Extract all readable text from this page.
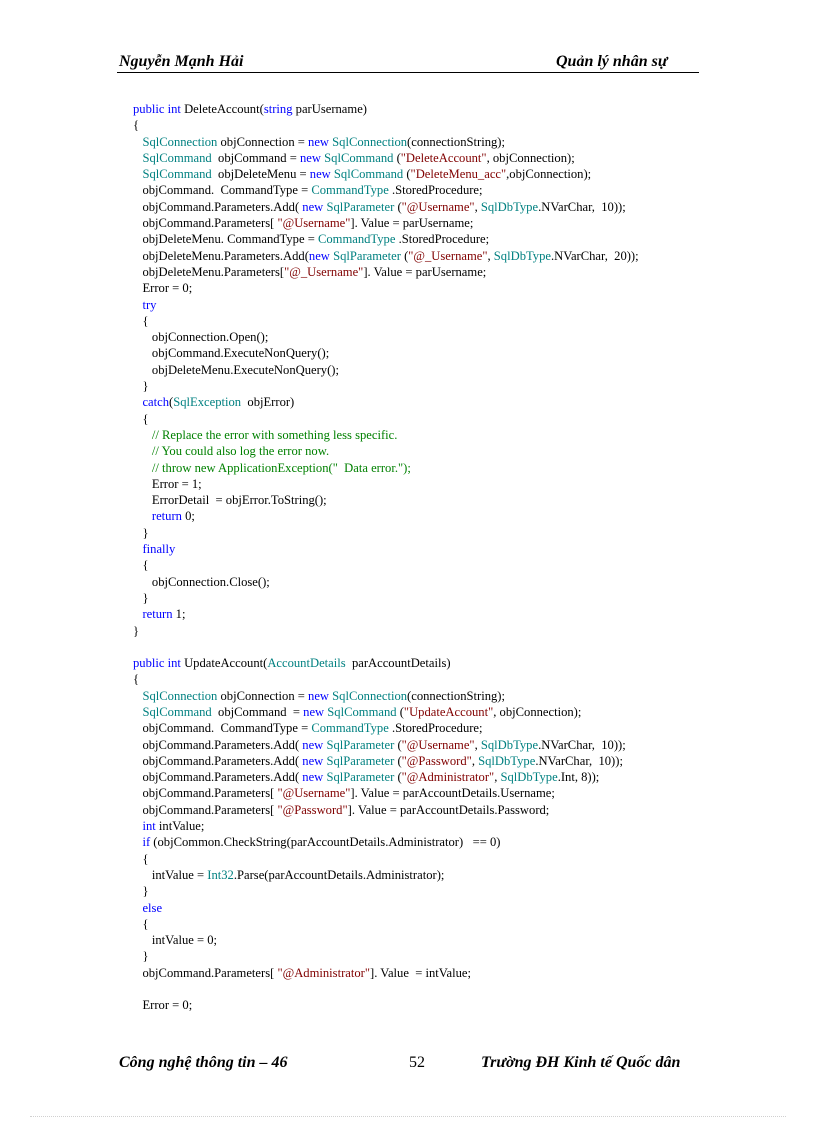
Nguyễn Mạnh Hải	Quản lý nhân sự
public int DeleteAccount(string parUsername)
{
SqlConnection objConnection = new SqlConnection(connectionString);
SqlCommand  objCommand = new SqlCommand ("DeleteAccount", objConnection);
SqlCommand  objDeleteMenu = new SqlCommand ("DeleteMenu_acc",objConnection);
objCommand.  CommandType = CommandType .StoredProcedure;
objCommand.Parameters.Add( new SqlParameter ("@Username", SqlDbType.NVarChar,  10));
objCommand.Parameters[ "@Username"]. Value = parUsername;
objDeleteMenu. CommandType = CommandType .StoredProcedure;
objDeleteMenu.Parameters.Add(new SqlParameter ("@_Username", SqlDbType.NVarChar,  20));
objDeleteMenu.Parameters["@_Username"]. Value = parUsername;
Error = 0;
try
{
objConnection.Open();
objCommand.ExecuteNonQuery();
objDeleteMenu.ExecuteNonQuery();
}
catch(SqlException  objError)
{
// Replace the error with something less specific.
// You could also log the error now.
// throw new ApplicationException("  Data error.");
Error = 1;
ErrorDetail  = objError.ToString();
return 0;
}
finally
{
objConnection.Close();
}
return 1;
}
public int UpdateAccount(AccountDetails  parAccountDetails)
{
SqlConnection objConnection = new SqlConnection(connectionString);
SqlCommand  objCommand  = new SqlCommand ("UpdateAccount", objConnection);
objCommand.  CommandType = CommandType .StoredProcedure;
objCommand.Parameters.Add( new SqlParameter ("@Username", SqlDbType.NVarChar,  10));
objCommand.Parameters.Add( new SqlParameter ("@Password", SqlDbType.NVarChar,  10));
objCommand.Parameters.Add( new SqlParameter ("@Administrator", SqlDbType.Int, 8));
objCommand.Parameters[ "@Username"]. Value = parAccountDetails.Username;
objCommand.Parameters[ "@Password"]. Value = parAccountDetails.Password;
int intValue;
if (objCommon.CheckString(parAccountDetails.Administrator)   == 0)
{
intValue = Int32.Parse(parAccountDetails.Administrator);
}
else
{
intValue = 0;
}
objCommand.Parameters[ "@Administrator"]. Value  = intValue;
Error = 0;
Công nghệ thông tin – 46	52	Trường ĐH Kinh tế Quốc dân
